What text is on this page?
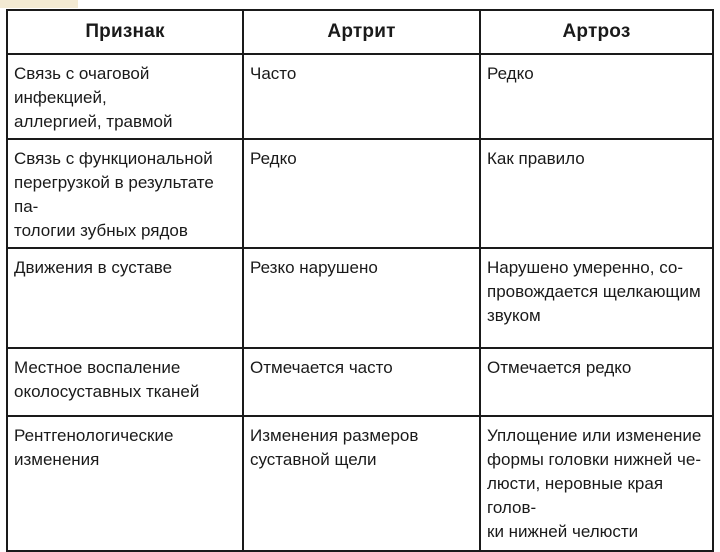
Признак	Артрит	Артроз

Связь с очаговой инфекцией,
аллергией, травмой	Часто	Редко

Связь с функциональной
перегрузкой в результате па-
тологии зубных рядов	Редко	Как правило

Движения в суставе	Резко нарушено	Нарушено умеренно, со-
провождается щелкающим
звуком

Местное воспаление
околосуставных тканей	Отмечается часто	Отмечается редко

Рентгенологические
изменения	Изменения размеров
суставной щели	Уплощение или изменение
формы головки нижней че-
люсти, неровные края голов-
ки нижней челюсти
